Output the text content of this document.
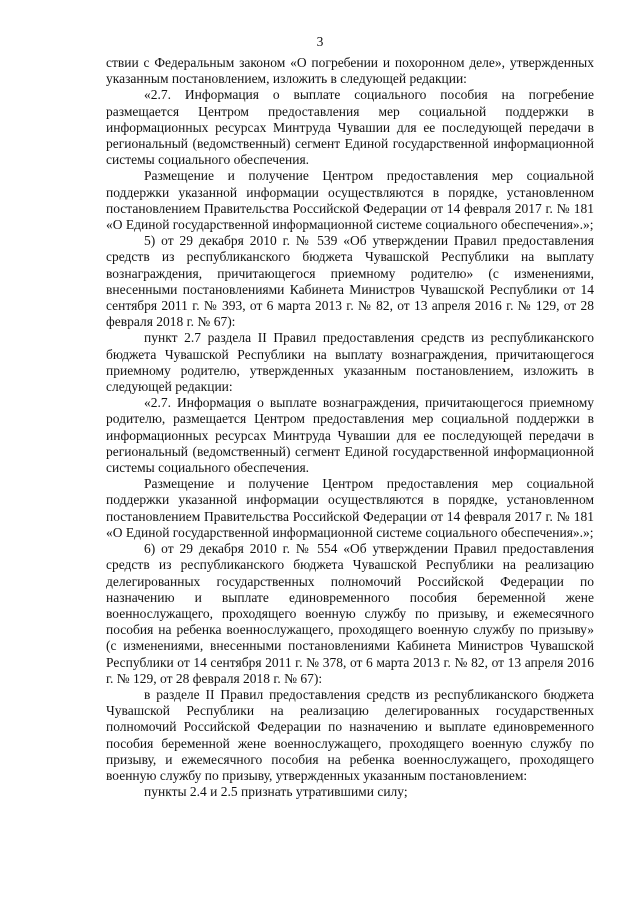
3

ствии с Федеральным законом «О погребении и похоронном деле», утвержденных указанным постановлением, изложить в следующей редакции:

«2.7. Информация о выплате социального пособия на погребение размещается Центром предоставления мер социальной поддержки в информационных ресурсах Минтруда Чувашии для ее последующей передачи в региональный (ведомственный) сегмент Единой государственной информационной системы социального обеспечения.

Размещение и получение Центром предоставления мер социальной поддержки указанной информации осуществляются в порядке, установленном постановлением Правительства Российской Федерации от 14 февраля 2017 г. № 181 «О Единой государственной информационной системе социального обеспечения».»;

5) от 29 декабря 2010 г. № 539 «Об утверждении Правил предоставления средств из республиканского бюджета Чувашской Республики на выплату вознаграждения, причитающегося приемному родителю» (с изменениями, внесенными постановлениями Кабинета Министров Чувашской Республики от 14 сентября 2011 г. № 393, от 6 марта 2013 г. № 82, от 13 апреля 2016 г. № 129, от 28 февраля 2018 г. № 67):

пункт 2.7 раздела II Правил предоставления средств из республиканского бюджета Чувашской Республики на выплату вознаграждения, причитающегося приемному родителю, утвержденных указанным постановлением, изложить в следующей редакции:

«2.7. Информация о выплате вознаграждения, причитающегося приемному родителю, размещается Центром предоставления мер социальной поддержки в информационных ресурсах Минтруда Чувашии для ее последующей передачи в региональный (ведомственный) сегмент Единой государственной информационной системы социального обеспечения.

Размещение и получение Центром предоставления мер социальной поддержки указанной информации осуществляются в порядке, установленном постановлением Правительства Российской Федерации от 14 февраля 2017 г. № 181 «О Единой государственной информационной системе социального обеспечения».»;

6) от 29 декабря 2010 г. № 554 «Об утверждении Правил предоставления средств из республиканского бюджета Чувашской Республики на реализацию делегированных государственных полномочий Российской Федерации по назначению и выплате единовременного пособия беременной жене военнослужащего, проходящего военную службу по призыву, и ежемесячного пособия на ребенка военнослужащего, проходящего военную службу по призыву» (с изменениями, внесенными постановлениями Кабинета Министров Чувашской Республики от 14 сентября 2011 г. № 378, от 6 марта 2013 г. № 82, от 13 апреля 2016 г. № 129, от 28 февраля 2018 г. № 67):

в разделе II Правил предоставления средств из республиканского бюджета Чувашской Республики на реализацию делегированных государственных полномочий Российской Федерации по назначению и выплате единовременного пособия беременной жене военнослужащего, проходящего военную службу по призыву, и ежемесячного пособия на ребенка военнослужащего, проходящего военную службу по призыву, утвержденных указанным постановлением:

пункты 2.4 и 2.5 признать утратившими силу;
